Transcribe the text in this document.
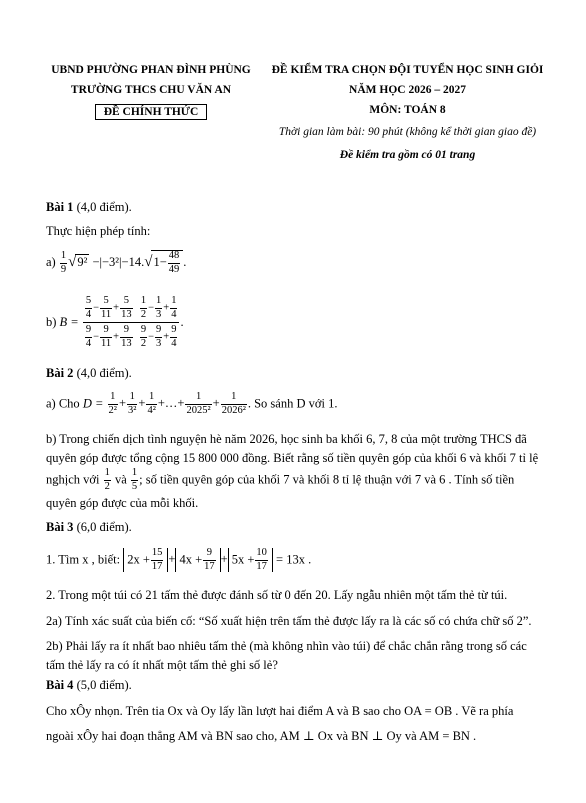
UBND PHƯỜNG PHAN ĐÌNH PHÙNG
TRƯỜNG THCS CHU VĂN AN
ĐỀ CHÍNH THỨC
ĐỀ KIỂM TRA CHỌN ĐỘI TUYỂN HỌC SINH GIỎI
NĂM HỌC 2026 – 2027
MÔN: TOÁN 8
Thời gian làm bài: 90 phút (không kể thời gian giao đề)
Đề kiểm tra gồm có 01 trang
Bài 1 (4,0 điểm).
Thực hiện phép tính:
$a) \frac{1}{9} √9^2 -|-3^2|-14.√1- \frac{48}{49}$ .
b) $B = \frac{5}{4} - \frac{5}{11} + \frac{5}{13}$
$\frac{1}{2} - \frac{1}{3} + \frac{1}{4}$
$\frac{9}{4} - \frac{9}{11} + \frac{9}{13}$
$\frac{9}{2} - \frac{9}{3} + \frac{9}{4}$ .
Bài 2 (4,0 điểm).
a) Cho $D = \frac{1}{\text{2²}} + \frac{1}{\text{3²}} + \frac{1}{\text{4²}}$ +…+ $\frac{1}{\text{2025²}} + \frac{1}{\text{2026²}}$ . So sánh D với 1.
b) Trong chiến dịch tình nguyện hè năm 2026, học sinh ba khối 6, 7, 8 của một trường THCS đã quyên góp được tổng cộng 15 800 000 đồng. Biết rằng số tiền quyên góp của khối 6 và khối 7 tỉ lệ
nghịch với $\frac{1}{2}$ và $\frac{1}{5}$ ; số tiền quyên góp của khối 7 và khối 8 tỉ lệ thuận với 7 và 6 . Tính số tiền
quyên góp được của mỗi khối.
Bài 3 (6,0 điểm).
1. Tìm x , biết: $2x + \frac{15}{17} + 4x + \frac{9}{17} + 5x + \frac{10}{17} = 13x$ .
2. Trong một túi có 21 tấm thẻ được đánh số từ 0 đến 20. Lấy ngẫu nhiên một tấm thẻ từ túi.
2a) Tính xác suất của biến cố: “Số xuất hiện trên tấm thẻ được lấy ra là các số có chứa chữ số 2”.
2b) Phải lấy ra ít nhất bao nhiêu tấm thẻ (mà không nhìn vào túi) để chắc chắn rằng trong số các tấm thẻ lấy ra có ít nhất một tấm thẻ ghi số lẻ?
Bài 4 (5,0 điểm).
Cho xÔy nhọn. Trên tia Ox và Oy lấy lần lượt hai điểm A và B sao cho OA = OB . Vẽ ra phía
ngoài xÔy hai đoạn thẳng AM và BN sao cho, AM ⊥ Ox và BN ⊥ Oy và AM = BN .
